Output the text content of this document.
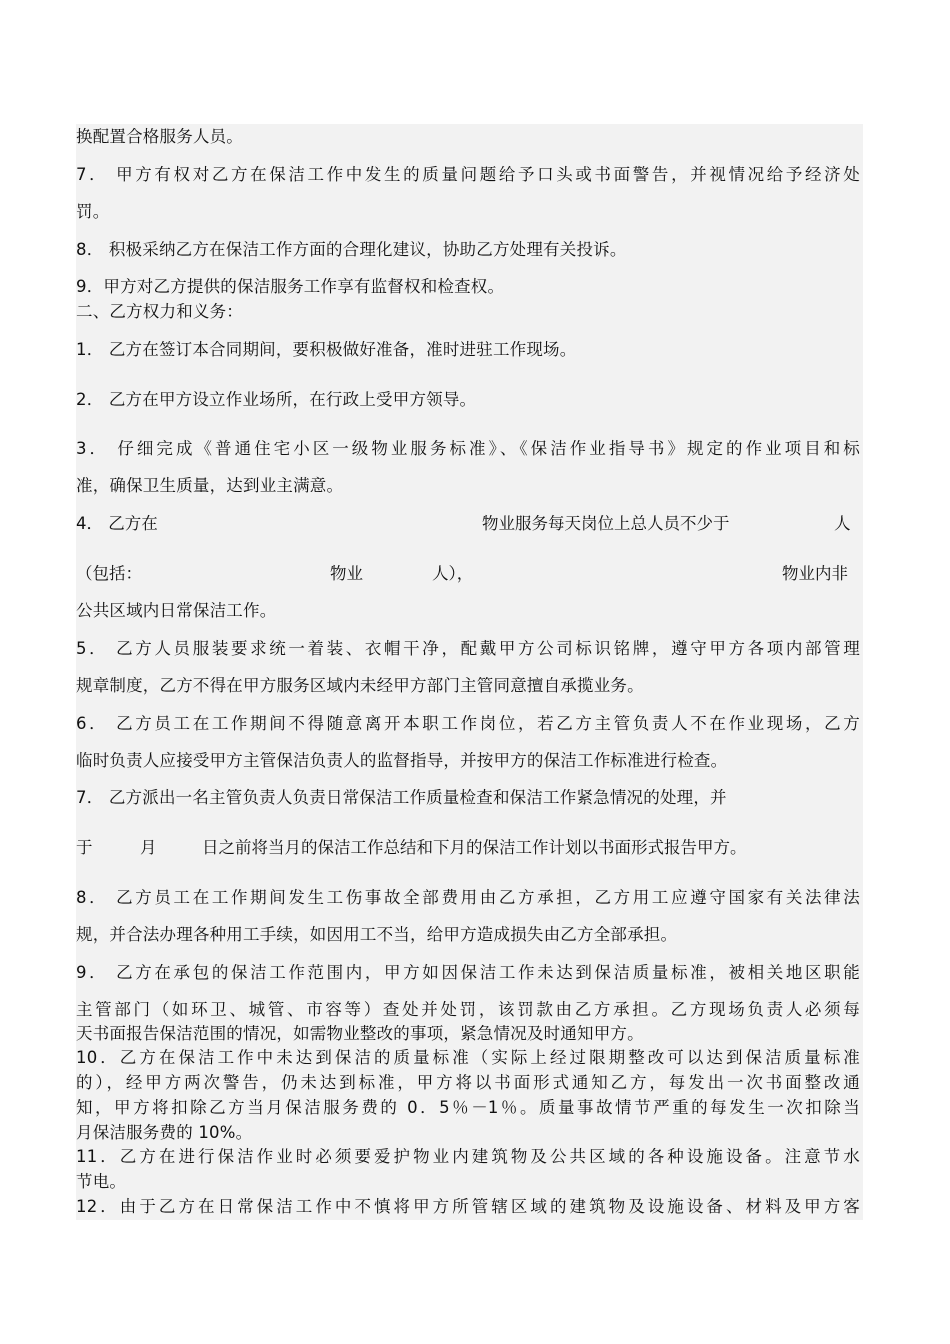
换配置合格服务人员。
7． 甲方有权对乙方在保洁工作中发生的质量问题给予口头或书面警告，并视情况给予经济处
罚。
8． 积极采纳乙方在保洁工作方面的合理化建议，协助乙方处理有关投诉。
9．甲方对乙方提供的保洁服务工作享有监督权和检查权。
二、乙方权力和义务：
1． 乙方在签订本合同期间，要积极做好准备，准时进驻工作现场。
2． 乙方在甲方设立作业场所，在行政上受甲方领导。
3． 仔细完成《普通住宅小区一级物业服务标准》、《保洁作业指导书》规定的作业项目和标
准，确保卫生质量，达到业主满意。
4． 乙方在	物业服务每天岗位上总人员不少于	人
（包括：	物业	人），	物业内非
公共区域内日常保洁工作。
5． 乙方人员服装要求统一着装、衣帽干净，配戴甲方公司标识铭牌，遵守甲方各项内部管理
规章制度，乙方不得在甲方服务区域内未经甲方部门主管同意擅自承揽业务。
6． 乙方员工在工作期间不得随意离开本职工作岗位，若乙方主管负责人不在作业现场，乙方
临时负责人应接受甲方主管保洁负责人的监督指导，并按甲方的保洁工作标准进行检查。
7． 乙方派出一名主管负责人负责日常保洁工作质量检查和保洁工作紧急情况的处理，并
于	月	日之前将当月的保洁工作总结和下月的保洁工作计划以书面形式报告甲方。
8． 乙方员工在工作期间发生工伤事故全部费用由乙方承担，乙方用工应遵守国家有关法律法
规，并合法办理各种用工手续，如因用工不当，给甲方造成损失由乙方全部承担。
9． 乙方在承包的保洁工作范围内，甲方如因保洁工作未达到保洁质量标准，被相关地区职能
主管部门（如环卫、城管、市容等）查处并处罚，该罚款由乙方承担。乙方现场负责人必须每
天书面报告保洁范围的情况，如需物业整改的事项，紧急情况及时通知甲方。
10．乙方在保洁工作中未达到保洁的质量标准（实际上经过限期整改可以达到保洁质量标准
的），经甲方两次警告，仍未达到标准，甲方将以书面形式通知乙方，每发出一次书面整改通
知，甲方将扣除乙方当月保洁服务费的 0．5％－1％。质量事故情节严重的每发生一次扣除当
月保洁服务费的 10%。
11．乙方在进行保洁作业时必须要爱护物业内建筑物及公共区域的各种设施设备。注意节水
节电。
12．由于乙方在日常保洁工作中不慎将甲方所管辖区域的建筑物及设施设备、材料及甲方客
